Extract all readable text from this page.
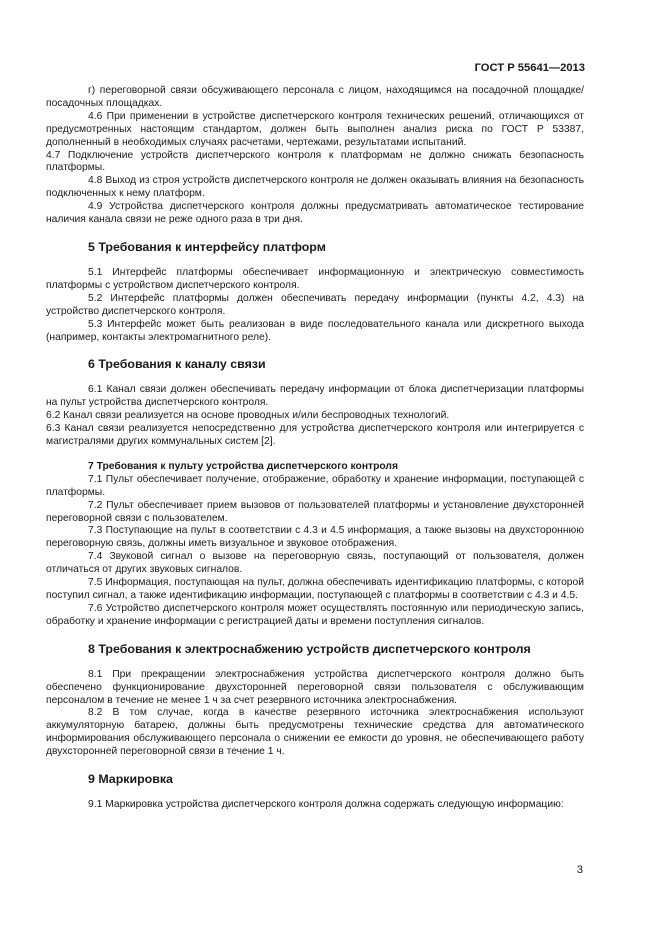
ГОСТ Р 55641—2013

г) переговорной связи обсуживающего персонала с лицом, находящимся на посадочной площадке/посадочных площадках.

4.6 При применении в устройстве диспетчерского контроля технических решений, отличающихся от предусмотренных настоящим стандартом, должен быть выполнен анализ риска по ГОСТ Р 53387, дополненный в необходимых случаях расчетами, чертежами, результатами испытаний.

4.7 Подключение устройств диспетчерского контроля к платформам не должно снижать безопасность платформы.

4.8 Выход из строя устройств диспетчерского контроля не должен оказывать влияния на безопасность подключенных к нему платформ.

4.9 Устройства диспетчерского контроля должны предусматривать автоматическое тестирование наличия канала связи не реже одного раза в три дня.

5 Требования к интерфейсу платформ

5.1 Интерфейс платформы обеспечивает информационную и электрическую совместимость платформы с устройством диспетчерского контроля.

5.2 Интерфейс платформы должен обеспечивать передачу информации (пункты 4.2, 4.3) на устройство диспетчерского контроля.

5.3 Интерфейс может быть реализован в виде последовательного канала или дискретного выхода (например, контакты электромагнитного реле).

6 Требования к каналу связи

6.1 Канал связи должен обеспечивать передачу информации от блока диспетчеризации платформы на пульт устройства диспетчерского контроля.

6.2 Канал связи реализуется на основе проводных и/или беспроводных технологий.

6.3 Канал связи реализуется непосредственно для устройства диспетчерского контроля или интегрируется с магистралями других коммунальных систем [2].

7 Требования к пульту устройства диспетчерского контроля

7.1 Пульт обеспечивает получение, отображение, обработку и хранение информации, поступающей с платформы.

7.2 Пульт обеспечивает прием вызовов от пользователей платформы и установление двухсторонней переговорной связи с пользователем.

7.3 Поступающие на пульт в соответствии с 4.3 и 4.5 информация, а также вызовы на двухстороннюю переговорную связь, должны иметь визуальное и звуковое отображения.

7.4 Звуковой сигнал о вызове на переговорную связь, поступающий от пользователя, должен отличаться от других звуковых сигналов.

7.5 Информация, поступающая на пульт, должна обеспечивать идентификацию платформы, с которой поступил сигнал, а также идентификацию информации, поступающей с платформы в соответствии с 4.3 и 4.5.

7.6 Устройство диспетчерского контроля может осуществлять постоянную или периодическую запись, обработку и хранение информации с регистрацией даты и времени поступления сигналов.

8 Требования к электроснабжению устройств диспетчерского контроля

8.1 При прекращении электроснабжения устройства диспетчерского контроля должно быть обеспечено функционирование двухсторонней переговорной связи пользователя с обслуживающим персоналом в течение не менее 1 ч за счет резервного источника электроснабжения.

8.2 В том случае, когда в качестве резервного источника электроснабжения используют аккумуляторную батарею, должны быть предусмотрены технические средства для автоматического информирования обслуживающего персонала о снижении ее емкости до уровня, не обеспечивающего работу двухсторонней переговорной связи в течение 1 ч.

9 Маркировка

9.1 Маркировка устройства диспетчерского контроля должна содержать следующую информацию:

3
